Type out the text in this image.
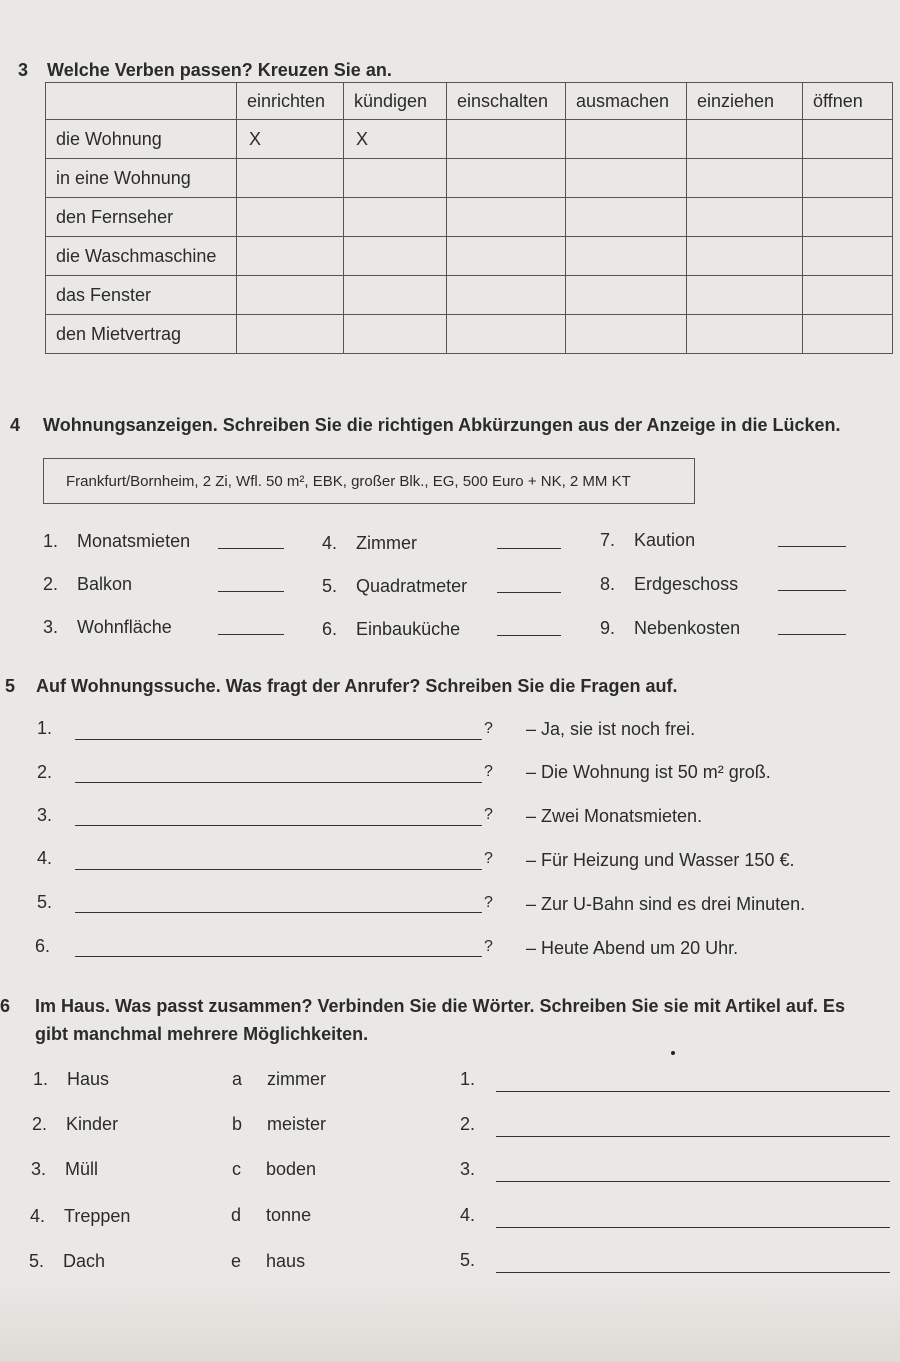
3 Welche Verben passen? Kreuzen Sie an.
	einrichten	kündigen	einschalten	ausmachen	einziehen	öffnen
die Wohnung	X	X				
in eine Wohnung						
den Fernseher						
die Waschmaschine						
das Fenster						
den Mietvertrag						
4 Wohnungsanzeigen. Schreiben Sie die richtigen Abkürzungen aus der Anzeige in die Lücken.
Frankfurt/Bornheim, 2 Zi, Wfl. 50 m², EBK, großer Blk., EG, 500 Euro + NK, 2 MM KT
1. Monatsmieten
2. Balkon
3. Wohnfläche
4. Zimmer
5. Quadratmeter
6. Einbauküche
7. Kaution
8. Erdgeschoss
9. Nebenkosten
5 Auf Wohnungssuche. Was fragt der Anrufer? Schreiben Sie die Fragen auf.
1.	? – Ja, sie ist noch frei.
2.	? – Die Wohnung ist 50 m² groß.
3.	? – Zwei Monatsmieten.
4.	? – Für Heizung und Wasser 150 €.
5.	? – Zur U-Bahn sind es drei Minuten.
6.	? – Heute Abend um 20 Uhr.
6 Im Haus. Was passt zusammen? Verbinden Sie die Wörter. Schreiben Sie sie mit Artikel auf. Es
gibt manchmal mehrere Möglichkeiten.
1. Haus
2. Kinder
3. Müll
4. Treppen
5. Dach
a zimmer
b meister
c boden
d tonne
e haus
1.
2.
3.
4.
5.
